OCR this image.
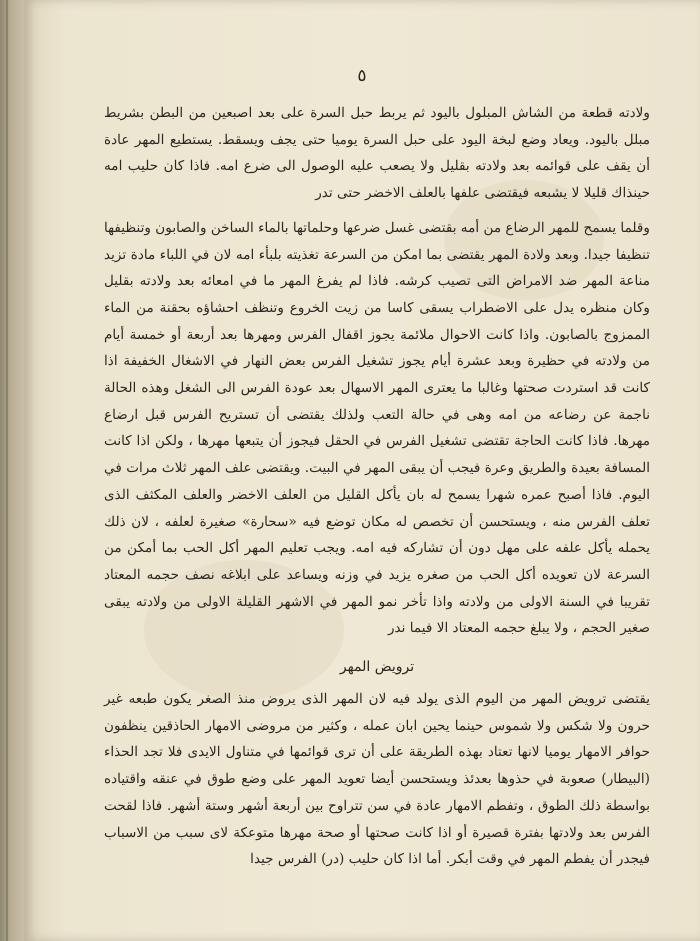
٥

ولادته قطعة من الشاش المبلول باليود ثم يربط حبل السرة على بعد اصبعين من البطن بشريط مبلل باليود. ويعاد وضع لبخة اليود على حبل السرة يوميا حتى يجف ويسقط. يستطيع المهر عادة أن يقف على قوائمه بعد ولادته بقليل ولا يصعب عليه الوصول الى ضرع امه. فاذا كان حليب امه حينذاك قليلا لا يشبعه فيقتضى علفها بالعلف الاخضر حتى تدر

وقلما يسمح للمهر الرضاع من أمه بقتضى غسل ضرعها وحلماتها بالماء الساخن والصابون وتنظيفها تنظيفا جيدا. وبعد ولادة المهر يقتضى بما امكن من السرعة تغذيته بلبأء امه لان في اللباء مادة تزيد مناعة المهر ضد الامراض التى تصيب كرشه. فاذا لم يفرغ المهر ما في امعائه بعد ولادته بقليل وكان منظره يدل على الاضطراب يسقى كاسا من زيت الخروع وتنظف احشاؤه بحقنة من الماء الممزوج بالصابون. واذا كانت الاحوال ملائمة يجوز اقفال الفرس ومهرها بعد أربعة أو خمسة أيام من ولادته في حظيرة وبعد عشرة أيام يجوز تشغيل الفرس بعض النهار في الاشغال الخفيفة اذا كانت قد استردت صحتها وغالبا ما يعترى المهر الاسهال بعد عودة الفرس الى الشغل وهذه الحالة ناجمة عن رضاعه من امه وهى في حالة التعب ولذلك يقتضى أن تستريح الفرس قبل ارضاع مهرها. فاذا كانت الحاجة تقتضى تشغيل الفرس في الحقل فيجوز أن يتبعها مهرها ، ولكن اذا كانت المسافة بعيدة والطريق وعرة فيجب أن يبقى المهر في البيت. ويقتضى علف المهر ثلاث مرات في اليوم. فاذا أصبح عمره شهرا يسمح له بان يأكل القليل من العلف الاخضر والعلف المكثف الذى تعلف الفرس منه ، ويستحسن أن تخصص له مكان توضع فيه «سحارة» صغيرة لعلفه ، لان ذلك يحمله يأكل علفه على مهل دون أن تشاركه فيه امه. ويجب تعليم المهر أكل الحب بما أمكن من السرعة لان تعويده أكل الحب من صغره يزيد في وزنه ويساعد على ابلاغه نصف حجمه المعتاد تقريبا في السنة الاولى من ولادته واذا تأخر نمو المهر في الاشهر القليلة الاولى من ولادته يبقى صغير الحجم ، ولا يبلغ حجمه المعتاد الا فيما ندر

ترويض المهر

يقتضى ترويض المهر من اليوم الذى يولد فيه لان المهر الذى يروض منذ الصغر يكون طبعه غير حرون ولا شكس ولا شموس حينما يحين ابان عمله ، وكثير من مروضى الامهار الحاذقين ينظفون حوافر الامهار يوميا لانها تعتاد بهذه الطريقة على أن ترى قوائمها في متناول الايدى فلا تجد الحذاء (البيطار) صعوبة في حذوها بعدئذ ويستحسن أيضا تعويد المهر على وضع طوق في عنقه واقتياده بواسطة ذلك الطوق ، وتفطم الامهار عادة في سن تتراوح بين أربعة أشهر وستة أشهر. فاذا لقحت الفرس بعد ولادتها بفترة قصيرة أو اذا كانت صحتها أو صحة مهرها متوعكة لاى سبب من الاسباب فيجدر أن يفطم المهر في وقت أبكر. أما اذا كان حليب (در) الفرس جيدا
